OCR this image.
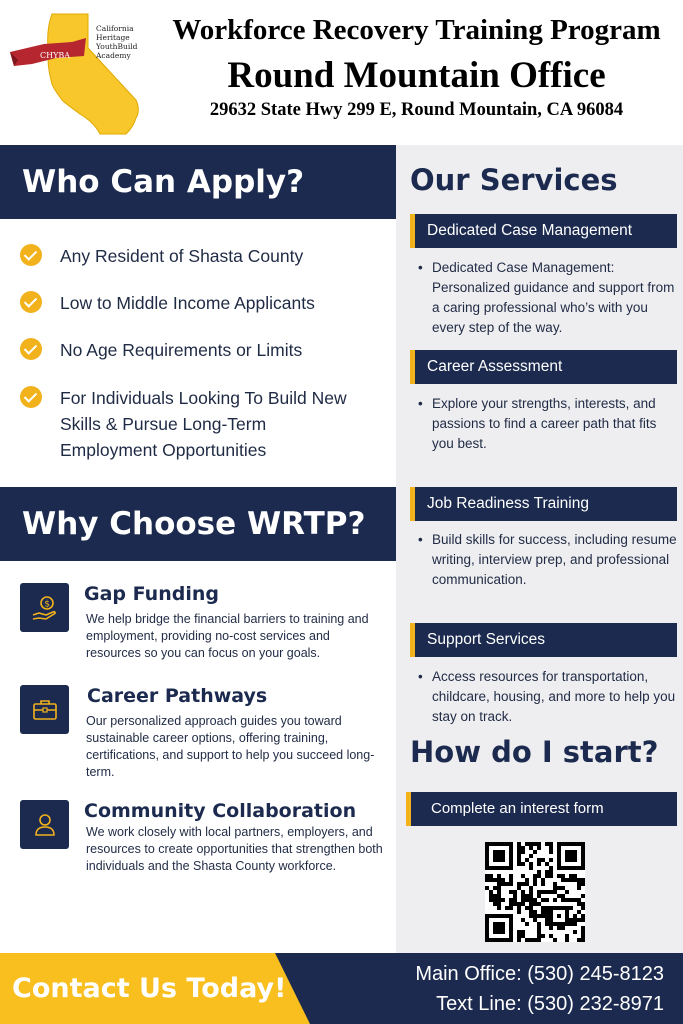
CHYBA
California
Heritage
YouthBuild
Academy
Workforce Recovery Training Program
Round Mountain Office
29632 State Hwy 299 E, Round Mountain, CA 96084
Who Can Apply?
Any Resident of Shasta County
Low to Middle Income Applicants
No Age Requirements or Limits
For Individuals Looking To Build New Skills & Pursue Long-Term Employment Opportunities
Why Choose WRTP?
$ Gap Funding
We help bridge the financial barriers to training and employment, providing no-cost services and resources so you can focus on your goals.
Career Pathways
Our personalized approach guides you toward sustainable career options, offering training, certifications, and support to help you succeed long-term.
Community Collaboration
We work closely with local partners, employers, and resources to create opportunities that strengthen both individuals and the Shasta County workforce.
Our Services
Dedicated Case Management
• Dedicated Case Management: Personalized guidance and support from a caring professional who’s with you every step of the way.
Career Assessment
• Explore your strengths, interests, and passions to find a career path that fits you best.
Job Readiness Training
• Build skills for success, including resume writing, interview prep, and professional communication.
Support Services
• Access resources for transportation, childcare, housing, and more to help you stay on track.
How do I start?
Complete an interest form
Contact Us Today!	Main Office: (530) 245-8123
Text Line: (530) 232-8971
